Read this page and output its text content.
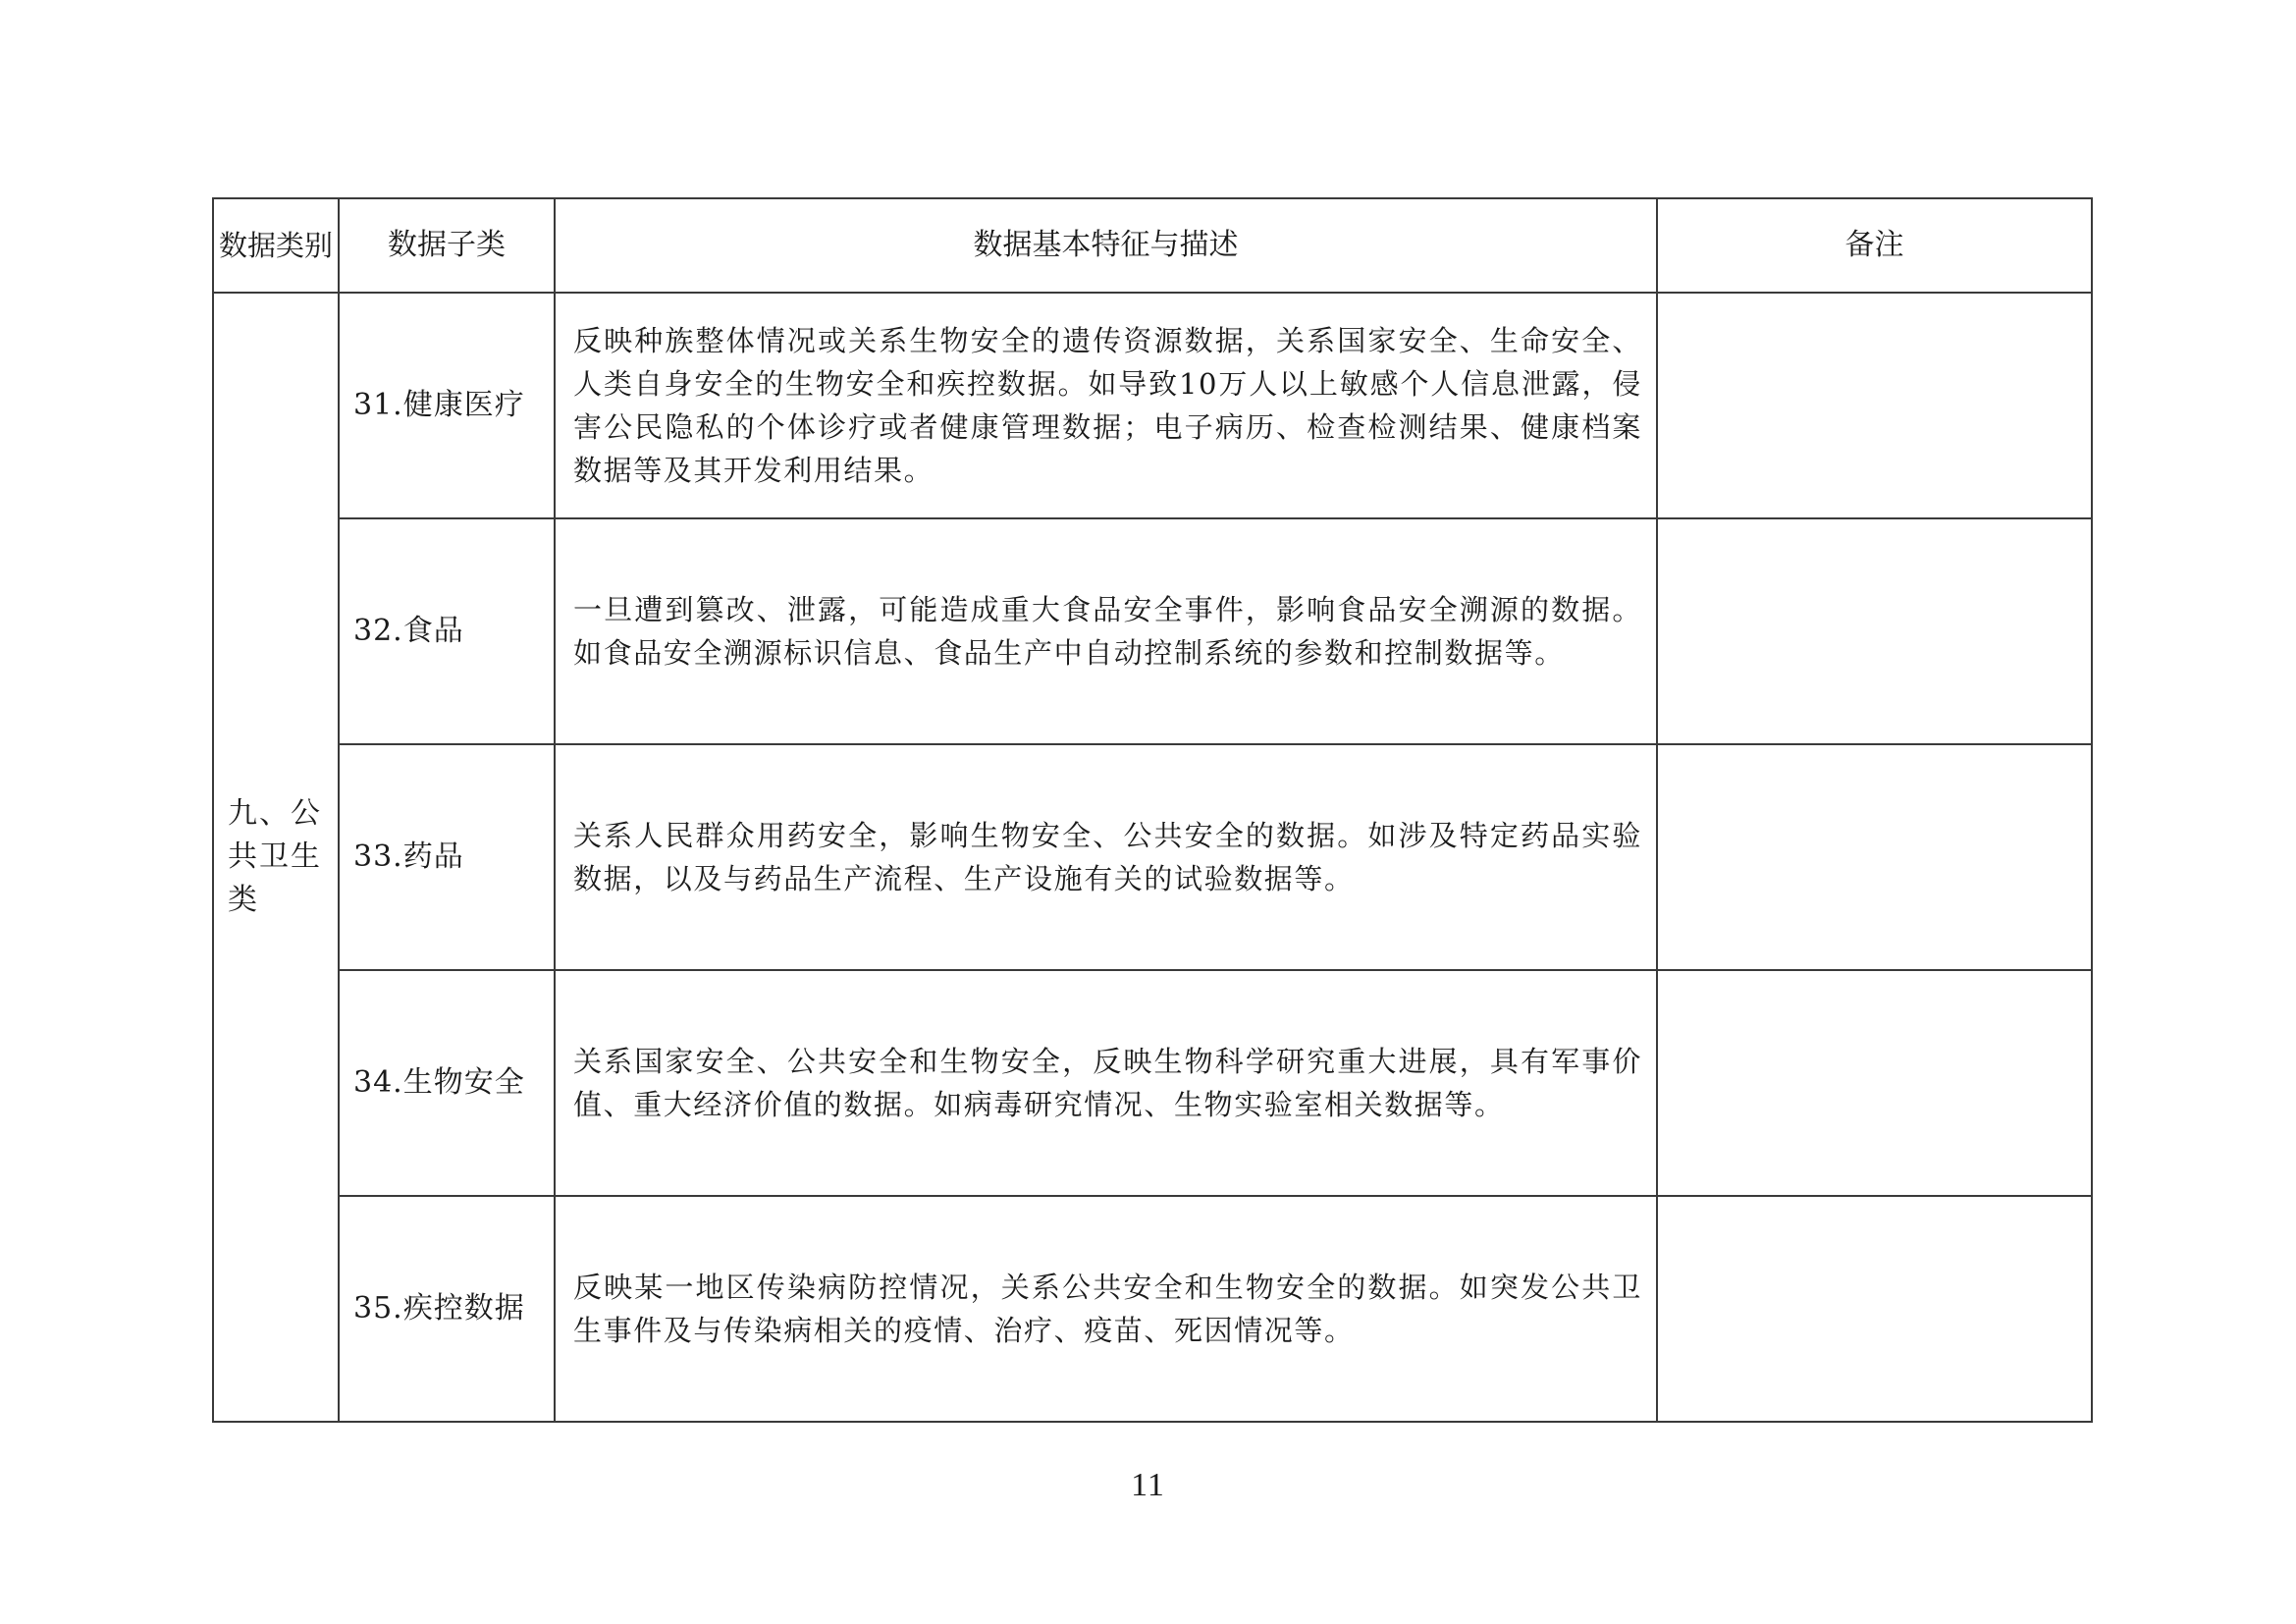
数据类别	数据子类	数据基本特征与描述	备注
九、公共卫生类	31.健康医疗	反映种族整体情况或关系生物安全的遗传资源数据，关系国家安全、生命安全、人类自身安全的生物安全和疾控数据。如导致10万人以上敏感个人信息泄露，侵害公民隐私的个体诊疗或者健康管理数据；电子病历、检查检测结果、健康档案数据等及其开发利用结果。	
	32.食品	一旦遭到篡改、泄露，可能造成重大食品安全事件，影响食品安全溯源的数据。如食品安全溯源标识信息、食品生产中自动控制系统的参数和控制数据等。	
	33.药品	关系人民群众用药安全，影响生物安全、公共安全的数据。如涉及特定药品实验数据，以及与药品生产流程、生产设施有关的试验数据等。	
	34.生物安全	关系国家安全、公共安全和生物安全，反映生物科学研究重大进展，具有军事价值、重大经济价值的数据。如病毒研究情况、生物实验室相关数据等。	
	35.疾控数据	反映某一地区传染病防控情况，关系公共安全和生物安全的数据。如突发公共卫生事件及与传染病相关的疫情、治疗、疫苗、死因情况等。	
11
